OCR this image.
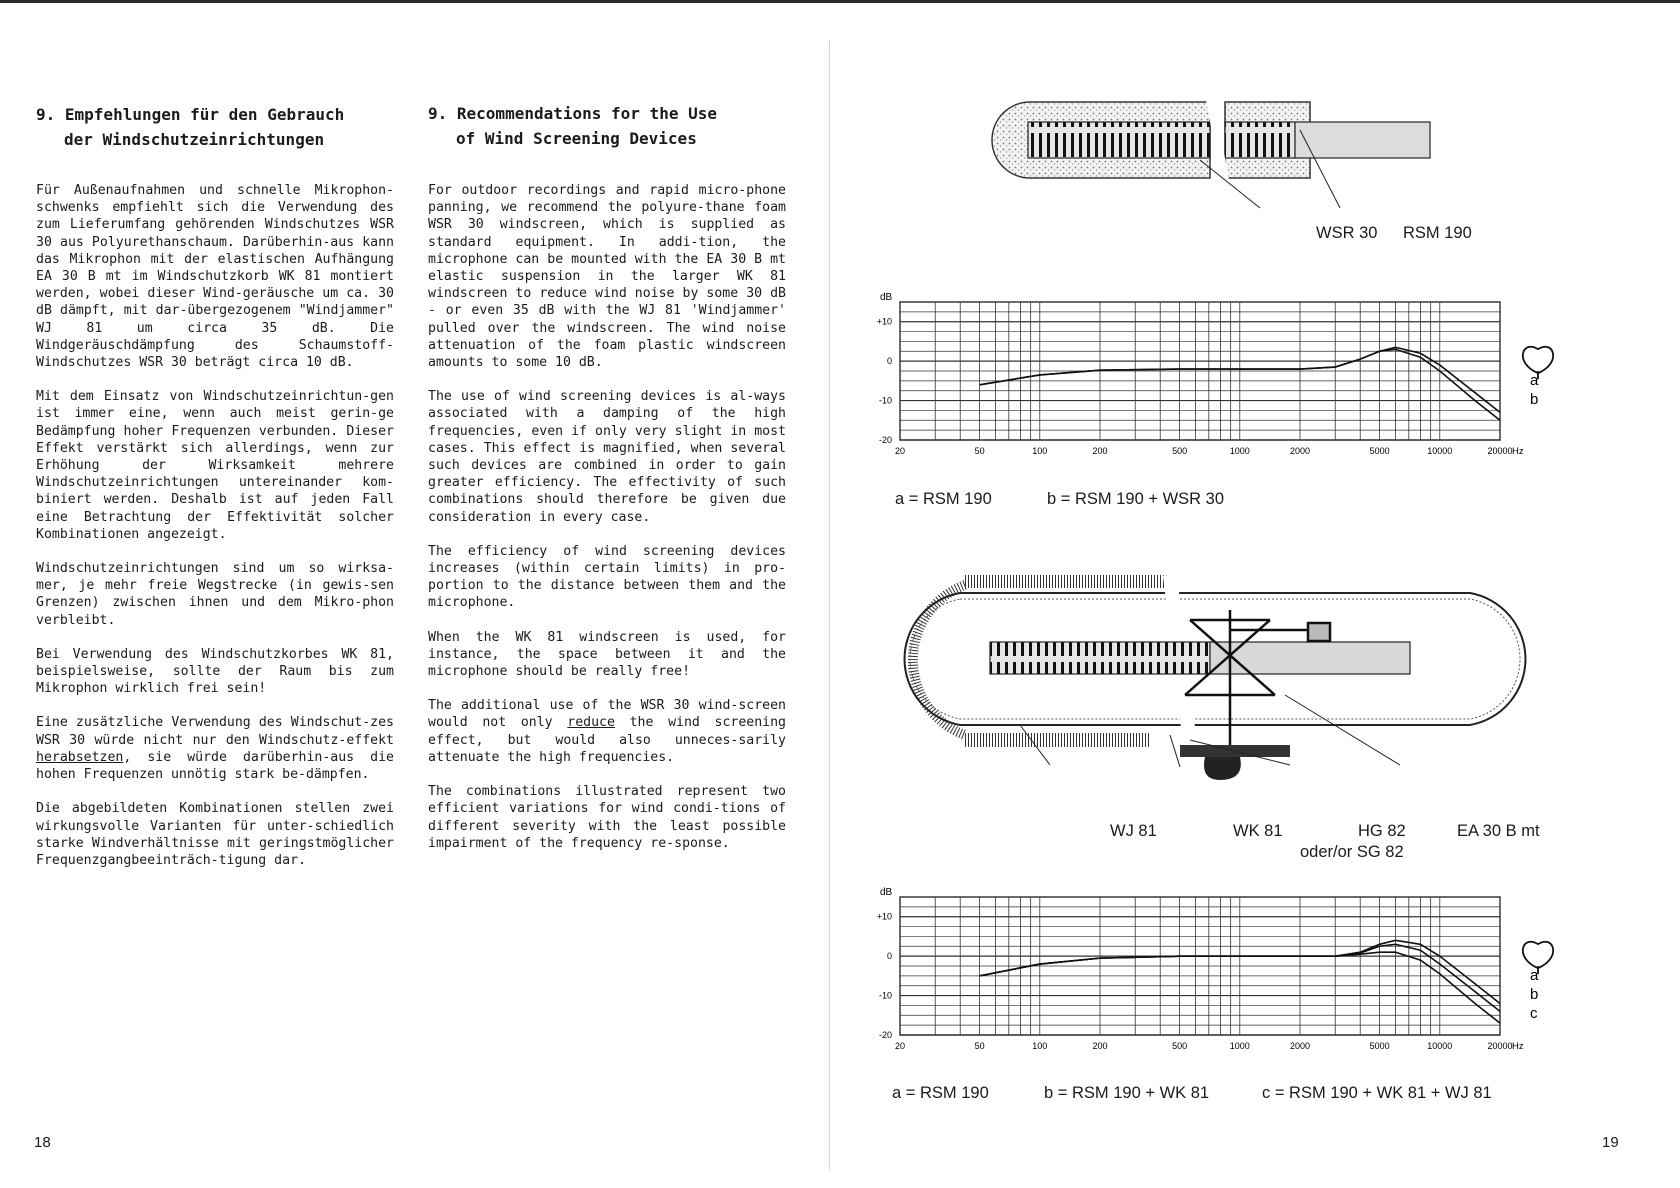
9. Empfehlungen für den Gebrauch
der Windschutzeinrichtungen

Für Außenaufnahmen und schnelle Mikrophon-schwenks empfiehlt sich die Verwendung des zum Lieferumfang gehörenden Windschutzes WSR 30 aus Polyurethanschaum. Darüberhin-aus kann das Mikrophon mit der elastischen Aufhängung EA 30 B mt im Windschutzkorb WK 81 montiert werden, wobei dieser Wind-geräusche um ca. 30 dB dämpft, mit dar-übergezogenem "Windjammer" WJ 81 um circa 35 dB. Die Windgeräuschdämpfung des Schaumstoff-Windschutzes WSR 30 beträgt circa 10 dB.

Mit dem Einsatz von Windschutzeinrichtun-gen ist immer eine, wenn auch meist gerin-ge Bedämpfung hoher Frequenzen verbunden. Dieser Effekt verstärkt sich allerdings, wenn zur Erhöhung der Wirksamkeit mehrere Windschutzeinrichtungen untereinander kom-biniert werden. Deshalb ist auf jeden Fall eine Betrachtung der Effektivität solcher Kombinationen angezeigt.

Windschutzeinrichtungen sind um so wirksa-mer, je mehr freie Wegstrecke (in gewis-sen Grenzen) zwischen ihnen und dem Mikro-phon verbleibt.

Bei Verwendung des Windschutzkorbes WK 81, beispielsweise, sollte der Raum bis zum Mikrophon wirklich frei sein!

Eine zusätzliche Verwendung des Windschut-zes WSR 30 würde nicht nur den Windschutz-effekt herabsetzen, sie würde darüberhin-aus die hohen Frequenzen unnötig stark be-dämpfen.

Die abgebildeten Kombinationen stellen zwei wirkungsvolle Varianten für unter-schiedlich starke Windverhältnisse mit geringstmöglicher Frequenzgangbeeinträch-tigung dar.

18
9. Recommendations for the Use
of Wind Screening Devices

For outdoor recordings and rapid micro-phone panning, we recommend the polyure-thane foam WSR 30 windscreen, which is supplied as standard equipment. In addi-tion, the microphone can be mounted with the EA 30 B mt elastic suspension in the larger WK 81 windscreen to reduce wind noise by some 30 dB - or even 35 dB with the WJ 81 'Windjammer' pulled over the windscreen. The wind noise attenuation of the foam plastic windscreen amounts to some 10 dB.

The use of wind screening devices is al-ways associated with a damping of the high frequencies, even if only very slight in most cases. This effect is magnified, when several such devices are combined in order to gain greater efficiency. The effectivity of such combinations should therefore be given due consideration in every case.

The efficiency of wind screening devices increases (within certain limits) in pro-portion to the distance between them and the microphone.

When the WK 81 windscreen is used, for instance, the space between it and the microphone should be really free!

The additional use of the WSR 30 wind-screen would not only reduce the wind screening effect, but would also unneces-sarily attenuate the high frequencies.

The combinations illustrated represent two efficient variations for wind condi-tions of different severity with the least possible impairment of the frequency re-sponse.

WSR 30 RSM 190
+10
0
-10
-20
dB
20	50	100	200	500	1000	2000	5000	10000	20000 Hz
a
b
a = RSM 190	b = RSM 190 + WSR 30
WJ 81	WK 81	HG 82
oder/or SG 82
EA 30 B mt
+10
0
-10
-20
dB
20	50	100	200	500	1000	2000	5000	10000	20000 Hz
a
b
c
a = RSM 190	b = RSM 190 + WK 81	c = RSM 190 + WK 81 + WJ 81
19
